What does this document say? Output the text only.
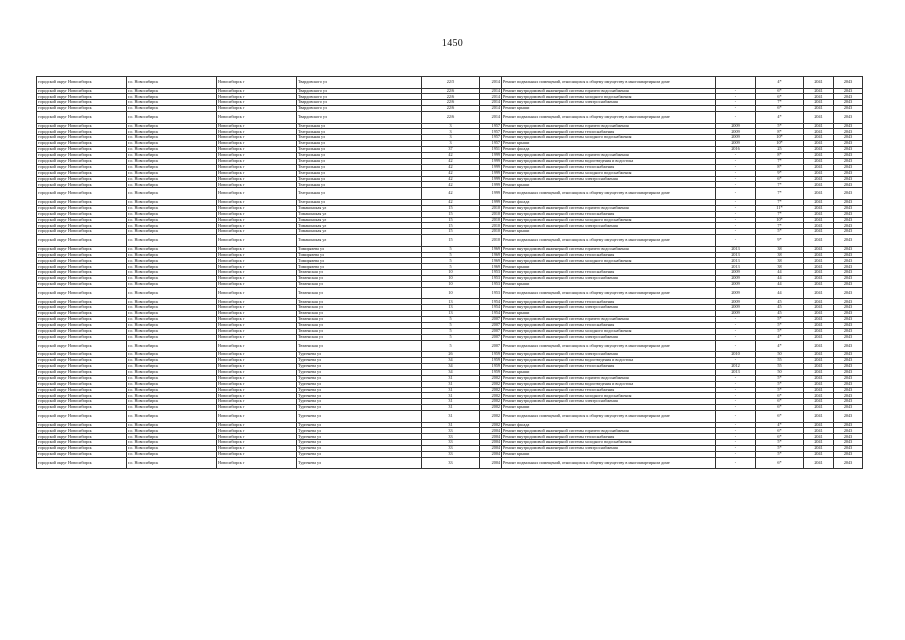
1450
городской округ Новосибирск	г.о. Новосибирск	Новосибирск г	Твардовского ул	22/5	2014	Ремонт подвальных помещений, относящихся к общему имуществу в многоквартирном доме		4*	2041	2043
городской округ Новосибирск	г.о. Новосибирск	Новосибирск г	Твардовского ул	22/6	2014	Ремонт внутридомовой инженерной системы горячего водоснабжения	-	6*	2041	2043
городской округ Новосибирск	г.о. Новосибирск	Новосибирск г	Твардовского ул	22/6	2014	Ремонт внутридомовой инженерной системы холодного водоснабжения	-	6*	2041	2043
городской округ Новосибирск	г.о. Новосибирск	Новосибирск г	Твардовского ул	22/6	2014	Ремонт внутридомовой инженерной системы электроснабжения	-	7*	2041	2043
городской округ Новосибирск	г.о. Новосибирск	Новосибирск г	Твардовского ул	22/6	2014	Ремонт крыши	-	6*	2041	2043
городской округ Новосибирск	г.о. Новосибирск	Новосибирск г	Твардовского ул	22/6	2014	Ремонт подвальных помещений, относящихся к общему имуществу в многоквартирном доме	-	4*	2041	2043
городской округ Новосибирск	г.о. Новосибирск	Новосибирск г	Театральная ул	3	1957	Ремонт внутридомовой инженерной системы горячего водоснабжения	2009	5*	2041	2043
городской округ Новосибирск	г.о. Новосибирск	Новосибирск г	Театральная ул	3	1957	Ремонт внутридомовой инженерной системы теплоснабжения	2009	8*	2041	2043
городской округ Новосибирск	г.о. Новосибирск	Новосибирск г	Театральная ул	3	1957	Ремонт внутридомовой инженерной системы холодного водоснабжения	2009	10*	2041	2043
городской округ Новосибирск	г.о. Новосибирск	Новосибирск г	Театральная ул	3	1957	Ремонт крыши	2009	10*	2041	2043
городской округ Новосибирск	г.о. Новосибирск	Новосибирск г	Театральная ул	37	1951	Ремонт фасада	2016	25	2041	2043
городской округ Новосибирск	г.о. Новосибирск	Новосибирск г	Театральная ул	42	1999	Ремонт внутридомовой инженерной системы горячего водоснабжения	-	8*	2041	2043
городской округ Новосибирск	г.о. Новосибирск	Новосибирск г	Театральная ул	42	1999	Ремонт внутридомовой инженерной системы водоотведения и водостока	-	7*	2041	2043
городской округ Новосибирск	г.о. Новосибирск	Новосибирск г	Театральная ул	42	1999	Ремонт внутридомовой инженерной системы теплоснабжения	-	8*	2041	2043
городской округ Новосибирск	г.о. Новосибирск	Новосибирск г	Театральная ул	42	1999	Ремонт внутридомовой инженерной системы холодного водоснабжения	-	9*	2041	2043
городской округ Новосибирск	г.о. Новосибирск	Новосибирск г	Театральная ул	42	1999	Ремонт внутридомовой инженерной системы электроснабжения	-	6*	2041	2043
городской округ Новосибирск	г.о. Новосибирск	Новосибирск г	Театральная ул	42	1999	Ремонт крыши	-	7*	2041	2043
городской округ Новосибирск	г.о. Новосибирск	Новосибирск г	Театральная ул	42	1999	Ремонт подвальных помещений, относящихся к общему имуществу в многоквартирном доме	-	7*	2041	2043
городской округ Новосибирск	г.о. Новосибирск	Новосибирск г	Театральная ул	42	1999	Ремонт фасада	-	7*	2041	2043
городской округ Новосибирск	г.о. Новосибирск	Новосибирск г	Тимакинская ул	15	2010	Ремонт внутридомовой инженерной системы горячего водоснабжения	-	11*	2041	2043
городской округ Новосибирск	г.о. Новосибирск	Новосибирск г	Тимакинская ул	15	2010	Ремонт внутридомовой инженерной системы теплоснабжения	-	7*	2041	2043
городской округ Новосибирск	г.о. Новосибирск	Новосибирск г	Тимакинская ул	15	2010	Ремонт внутридомовой инженерной системы холодного водоснабжения	-	10*	2041	2043
городской округ Новосибирск	г.о. Новосибирск	Новосибирск г	Тимакинская ул	15	2010	Ремонт внутридомовой инженерной системы электроснабжения	-	7*	2041	2043
городской округ Новосибирск	г.о. Новосибирск	Новосибирск г	Тимакинская ул	15	2010	Ремонт крыши	-	5*	2041	2043
городской округ Новосибирск	г.о. Новосибирск	Новосибирск г	Тимакинская ул	15	2010	Ремонт подвальных помещений, относящихся к общему имуществу в многоквартирном доме	-	9*	2041	2043
городской округ Новосибирск	г.о. Новосибирск	Новосибирск г	Тимирязева ул	5	1969	Ремонт внутридомовой инженерной системы горячего водоснабжения	2013	38	2041	2043
городской округ Новосибирск	г.о. Новосибирск	Новосибирск г	Тимирязева ул	5	1969	Ремонт внутридомовой инженерной системы теплоснабжения	2013	38	2041	2043
городской округ Новосибирск	г.о. Новосибирск	Новосибирск г	Тимирязева ул	5	1969	Ремонт внутридомовой инженерной системы холодного водоснабжения	2013	38	2041	2043
городской округ Новосибирск	г.о. Новосибирск	Новосибирск г	Тимирязева ул	5	1969	Ремонт крыши	2013	38	2041	2043
городской округ Новосибирск	г.о. Новосибирск	Новосибирск г	Тюменская ул	10	1953	Ремонт внутридомовой инженерной системы теплоснабжения	2009	44	2041	2043
городской округ Новосибирск	г.о. Новосибирск	Новосибирск г	Тюменская ул	10	1953	Ремонт внутридомовой инженерной системы электроснабжения	2009	44	2041	2043
городской округ Новосибирск	г.о. Новосибирск	Новосибирск г	Тюменская ул	10	1953	Ремонт крыши	2009	44	2041	2043
городской округ Новосибирск	г.о. Новосибирск	Новосибирск г	Тюменская ул	10	1953	Ремонт подвальных помещений, относящихся к общему имуществу в многоквартирном доме	2009	44	2041	2043
городской округ Новосибирск	г.о. Новосибирск	Новосибирск г	Тюменская ул	13	1954	Ремонт внутридомовой инженерной системы теплоснабжения	2009	45	2041	2043
городской округ Новосибирск	г.о. Новосибирск	Новосибирск г	Тюменская ул	13	1954	Ремонт внутридомовой инженерной системы электроснабжения	2009	45	2041	2043
городской округ Новосибирск	г.о. Новосибирск	Новосибирск г	Тюменская ул	13	1954	Ремонт крыши	2009	45	2041	2043
городской округ Новосибирск	г.о. Новосибирск	Новосибирск г	Тюменская ул	5	2007	Ремонт внутридомовой инженерной системы горячего водоснабжения	-	5*	2041	2043
городской округ Новосибирск	г.о. Новосибирск	Новосибирск г	Тюменская ул	5	2007	Ремонт внутридомовой инженерной системы теплоснабжения	-	5*	2041	2043
городской округ Новосибирск	г.о. Новосибирск	Новосибирск г	Тюменская ул	5	2007	Ремонт внутридомовой инженерной системы холодного водоснабжения	-	5*	2041	2043
городской округ Новосибирск	г.о. Новосибирск	Новосибирск г	Тюменская ул	5	2007	Ремонт внутридомовой инженерной системы электроснабжения	-	4*	2041	2043
городской округ Новосибирск	г.о. Новосибирск	Новосибирск г	Тюменская ул	5	2007	Ремонт подвальных помещений, относящихся к общему имуществу в многоквартирном доме	-	4*	2041	2043
городской округ Новосибирск	г.о. Новосибирск	Новосибирск г	Тургенева ул	26	1959	Ремонт внутридомовой инженерной системы электроснабжения	2010	50	2041	2043
городской округ Новосибирск	г.о. Новосибирск	Новосибирск г	Тургенева ул	34	1959	Ремонт внутридомовой инженерной системы водоотведения и водостока	-	55	2041	2043
городской округ Новосибирск	г.о. Новосибирск	Новосибирск г	Тургенева ул	34	1959	Ремонт внутридомовой инженерной системы теплоснабжения	2012	55	2041	2043
городской округ Новосибирск	г.о. Новосибирск	Новосибирск г	Тургенева ул	34	1959	Ремонт крыши	2013	50	2041	2043
городской округ Новосибирск	г.о. Новосибирск	Новосибирск г	Тургенева ул	31	2002	Ремонт внутридомовой инженерной системы горячего водоснабжения	-	5*	2041	2043
городской округ Новосибирск	г.о. Новосибирск	Новосибирск г	Тургенева ул	31	2002	Ремонт внутридомовой инженерной системы водоотведения и водостока	-	5*	2041	2043
городской округ Новосибирск	г.о. Новосибирск	Новосибирск г	Тургенева ул	31	2002	Ремонт внутридомовой инженерной системы теплоснабжения	-	5*	2041	2043
городской округ Новосибирск	г.о. Новосибирск	Новосибирск г	Тургенева ул	31	2002	Ремонт внутридомовой инженерной системы холодного водоснабжения	-	6*	2041	2043
городской округ Новосибирск	г.о. Новосибирск	Новосибирск г	Тургенева ул	31	2002	Ремонт внутридомовой инженерной системы электроснабжения	-	6*	2041	2043
городской округ Новосибирск	г.о. Новосибирск	Новосибирск г	Тургенева ул	31	2002	Ремонт крыши	-	6*	2041	2043
городской округ Новосибирск	г.о. Новосибирск	Новосибирск г	Тургенева ул	31	2002	Ремонт подвальных помещений, относящихся к общему имуществу в многоквартирном доме	-	6*	2041	2043
городской округ Новосибирск	г.о. Новосибирск	Новосибирск г	Тургенева ул	31	2002	Ремонт фасада	-	4*	2041	2043
городской округ Новосибирск	г.о. Новосибирск	Новосибирск г	Тургенева ул	33	2004	Ремонт внутридомовой инженерной системы горячего водоснабжения	-	6*	2041	2043
городской округ Новосибирск	г.о. Новосибирск	Новосибирск г	Тургенева ул	33	2004	Ремонт внутридомовой инженерной системы теплоснабжения	-	6*	2041	2043
городской округ Новосибирск	г.о. Новосибирск	Новосибирск г	Тургенева ул	33	2004	Ремонт внутридомовой инженерной системы холодного водоснабжения	-	5*	2041	2043
городской округ Новосибирск	г.о. Новосибирск	Новосибирск г	Тургенева ул	33	2004	Ремонт внутридомовой инженерной системы электроснабжения	-	5*	2041	2043
городской округ Новосибирск	г.о. Новосибирск	Новосибирск г	Тургенева ул	33	2004	Ремонт крыши	-	5*	2041	2043
городской округ Новосибирск	г.о. Новосибирск	Новосибирск г	Тургенева ул	33	2004	Ремонт подвальных помещений, относящихся к общему имуществу в многоквартирном доме	-	6*	2041	2043
